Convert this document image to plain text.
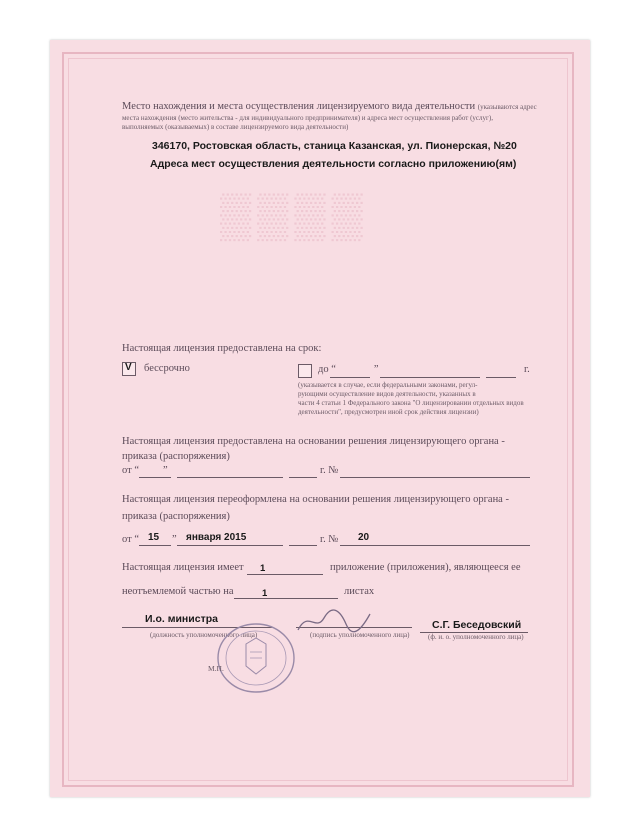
▒▒▒▒
Место нахождения и места осуществления лицензируемого вида деятельности (указываются адрес
места нахождения (место жительства - для индивидуального предпринимателя) и адреса мест осуществления работ (услуг),
выполняемых (оказываемых) в составе лицензируемого вида деятельности)
346170, Ростовская область, станица Казанская, ул. Пионерская, №20
Адреса мест осуществления деятельности согласно приложению(ям)
Настоящая лицензия предоставлена на срок:
V бессрочно	до “	”	г.
(указывается в случае, если федеральными законами, регул-
рующими осуществление видов деятельности, указанных в
части 4 статьи 1 Федерального закона "О лицензировании отдельных видов
деятельности", предусмотрен иной срок действия лицензии)
Настоящая лицензия предоставлена на основании решения лицензирующего органа -
приказа (распоряжения)
от “ ”	г. №
Настоящая лицензия переоформлена на основании решения лицензирующего органа -
приказа (распоряжения)
от “ 15 ” января 2015	г. № 20
Настоящая лицензия имеет 1	приложение (приложения), являющееся ее
неотъемлемой частью на	1	листах
И.о. министра
(должность уполномоченного лица)	(подпись уполномоченного лица)
С.Г. Беседовский
(ф. и. о. уполномоченного лица)
М.П.
